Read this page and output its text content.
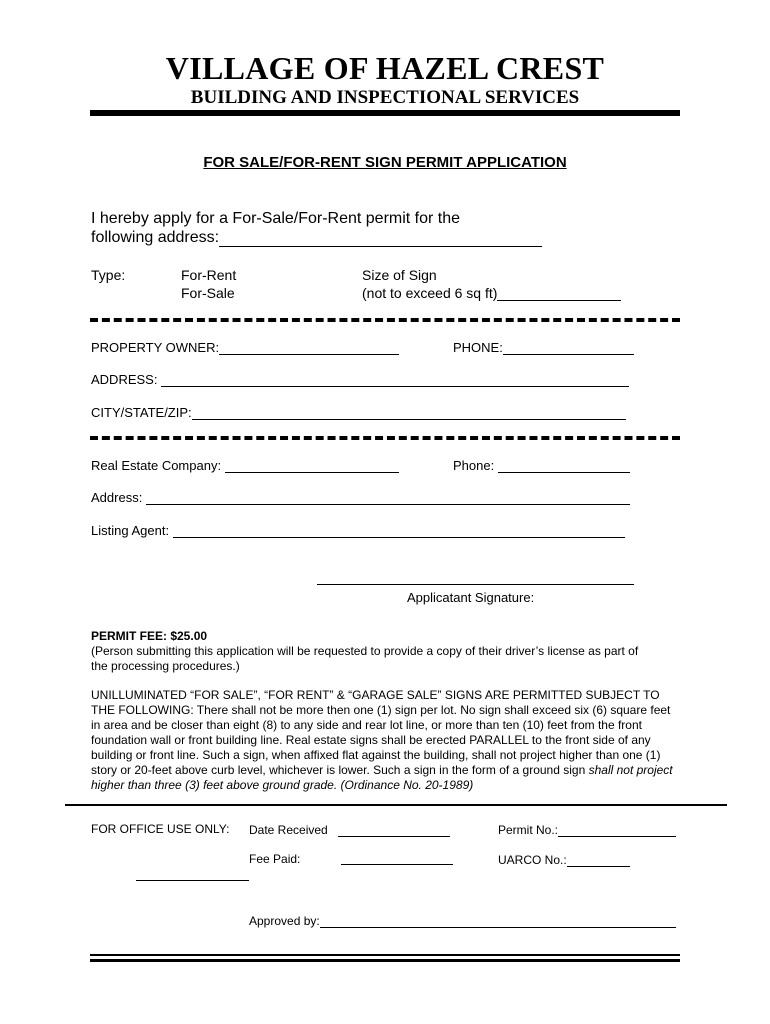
VILLAGE OF HAZEL CREST
BUILDING AND INSPECTIONAL SERVICES
FOR SALE/FOR-RENT SIGN PERMIT APPLICATION
I hereby apply for a For-Sale/For-Rent permit for the
following address:
Type:	For-Rent
For-Sale
Size of Sign
(not to exceed 6 sq ft)
PROPERTY OWNER:	PHONE:
ADDRESS:
CITY/STATE/ZIP:
Real Estate Company:	Phone:
Address:
Listing Agent:
Applicatant Signature:
PERMIT FEE: $25.00
(Person submitting this application will be requested to provide a copy of their driver’s license as part of
the processing procedures.)
UNILLUMINATED “FOR SALE”, “FOR RENT” & “GARAGE SALE” SIGNS ARE PERMITTED SUBJECT TO THE FOLLOWING: There shall not be more then one (1) sign per lot. No sign shall exceed six (6) square feet in area and be closer than eight (8) to any side and rear lot line, or more than ten (10) feet from the front foundation wall or front building line. Real estate signs shall be erected PARALLEL to the front side of any building or front line. Such a sign, when affixed flat against the building, shall not project higher than one (1) story or 20-feet above curb level, whichever is lower. Such a sign in the form of a ground sign shall not project higher than three (3) feet above ground grade. (Ordinance No. 20-1989)
FOR OFFICE USE ONLY: Date Received	Permit No.:
Fee Paid:	UARCO No.:
Approved by:
